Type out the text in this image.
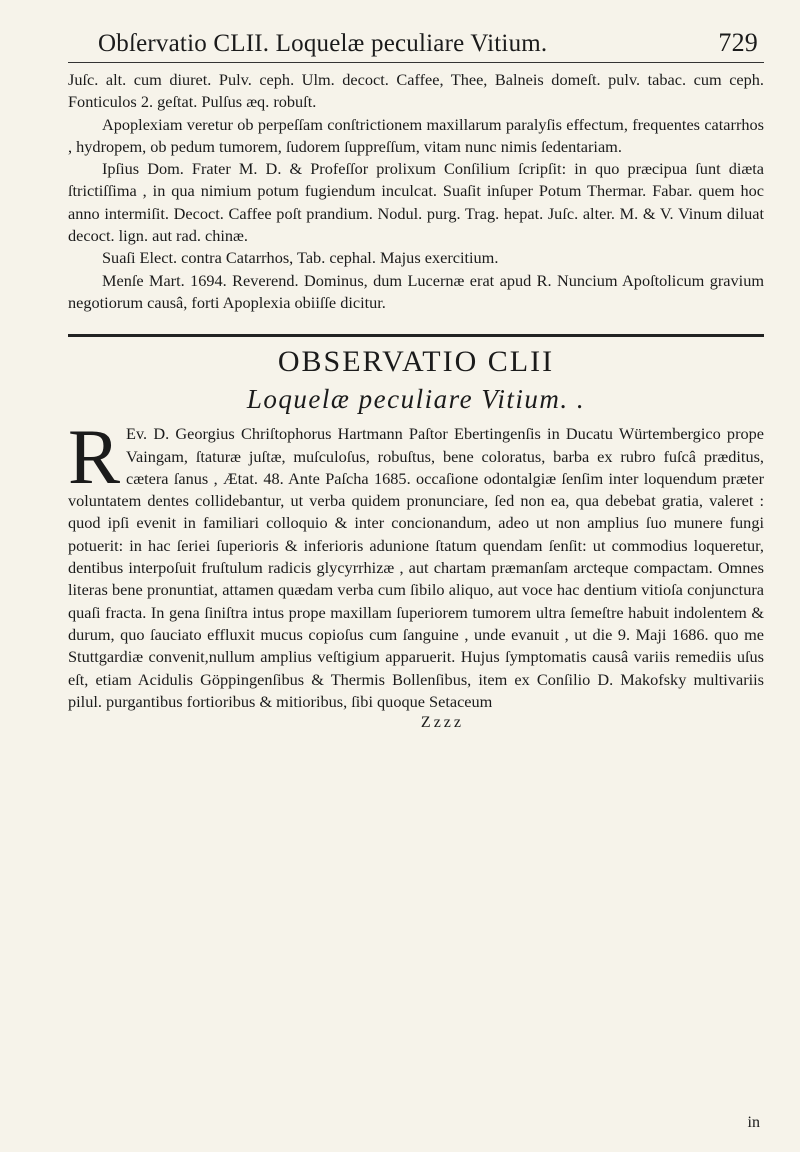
Obſervatio CLII. Loquelæ peculiare Vitium.	729

Juſc. alt. cum diuret. Pulv. ceph. Ulm. decoct. Caffee, Thee, Balneis domeſt. pulv. tabac. cum ceph. Fonticulos 2. geſtat. Pulſus æq. robuſt.

Apoplexiam veretur ob perpeſſam conſtrictionem maxillarum paralyſis effectum, frequentes catarrhos , hydropem, ob pedum tumorem, ſudorem ſuppreſſum, vitam nunc nimis ſedentariam.

Ipſius Dom. Frater M. D. & Profeſſor prolixum Conſilium ſcripſit: in quo præcipua ſunt diæta ſtrictiſſima , in qua nimium potum fugiendum inculcat. Suaſit inſuper Potum Thermar. Fabar. quem hoc anno intermiſit. Decoct. Caffee poſt prandium. Nodul. purg. Trag. hepat. Juſc. alter. M. & V. Vinum diluat decoct. lign. aut rad. chinæ.

Suaſi Elect. contra Catarrhos, Tab. cephal. Majus exercitium.

Menſe Mart. 1694. Reverend. Dominus, dum Lucernæ erat apud R. Nuncium Apoſtolicum gravium negotiorum causâ, forti Apoplexia obiiſſe dicitur.

OBSERVATIO CLII
Loquelæ peculiare Vitium. .
R Ev. D. Georgius Chriſtophorus Hartmann Paſtor Ebertingenſis in Ducatu Würtembergico prope Vaingam, ſtaturæ juſtæ, muſculoſus, robuſtus, bene coloratus, barba ex rubro fuſcâ præditus, cætera ſanus , Ætat. 48. Ante Paſcha 1685. occaſione odontalgiæ ſenſim inter loquendum præter voluntatem dentes collidebantur, ut verba quidem pronunciare, ſed non ea, qua debebat gratia, valeret : quod ipſi evenit in familiari colloquio & inter concionandum, adeo ut non amplius ſuo munere fungi potuerit: in hac ſeriei ſuperioris & inferioris adunione ſtatum quendam ſenſit: ut commodius loqueretur, dentibus interpoſuit fruſtulum radicis glycyrrhizæ , aut chartam præmanſam arcteque compactam. Omnes literas bene pronuntiat, attamen quædam verba cum ſibilo aliquo, aut voce hac dentium vitioſa conjunctura quaſi fracta. In gena ſiniſtra intus prope maxillam ſuperiorem tumorem ultra ſemeſtre habuit indolentem & durum, quo ſauciato effluxit mucus copioſus cum ſanguine , unde evanuit , ut die 9. Maji 1686. quo me Stuttgardiæ convenit,nullum amplius veſtigium apparuerit. Hujus ſymptomatis causâ variis remediis uſus eſt, etiam Acidulis Göppingenſibus & Thermis Bollenſibus, item ex Conſilio D. Makofsky multivariis pilul. purgantibus fortioribus & mitioribus, ſibi quoque Setaceum

Zzzz
in
